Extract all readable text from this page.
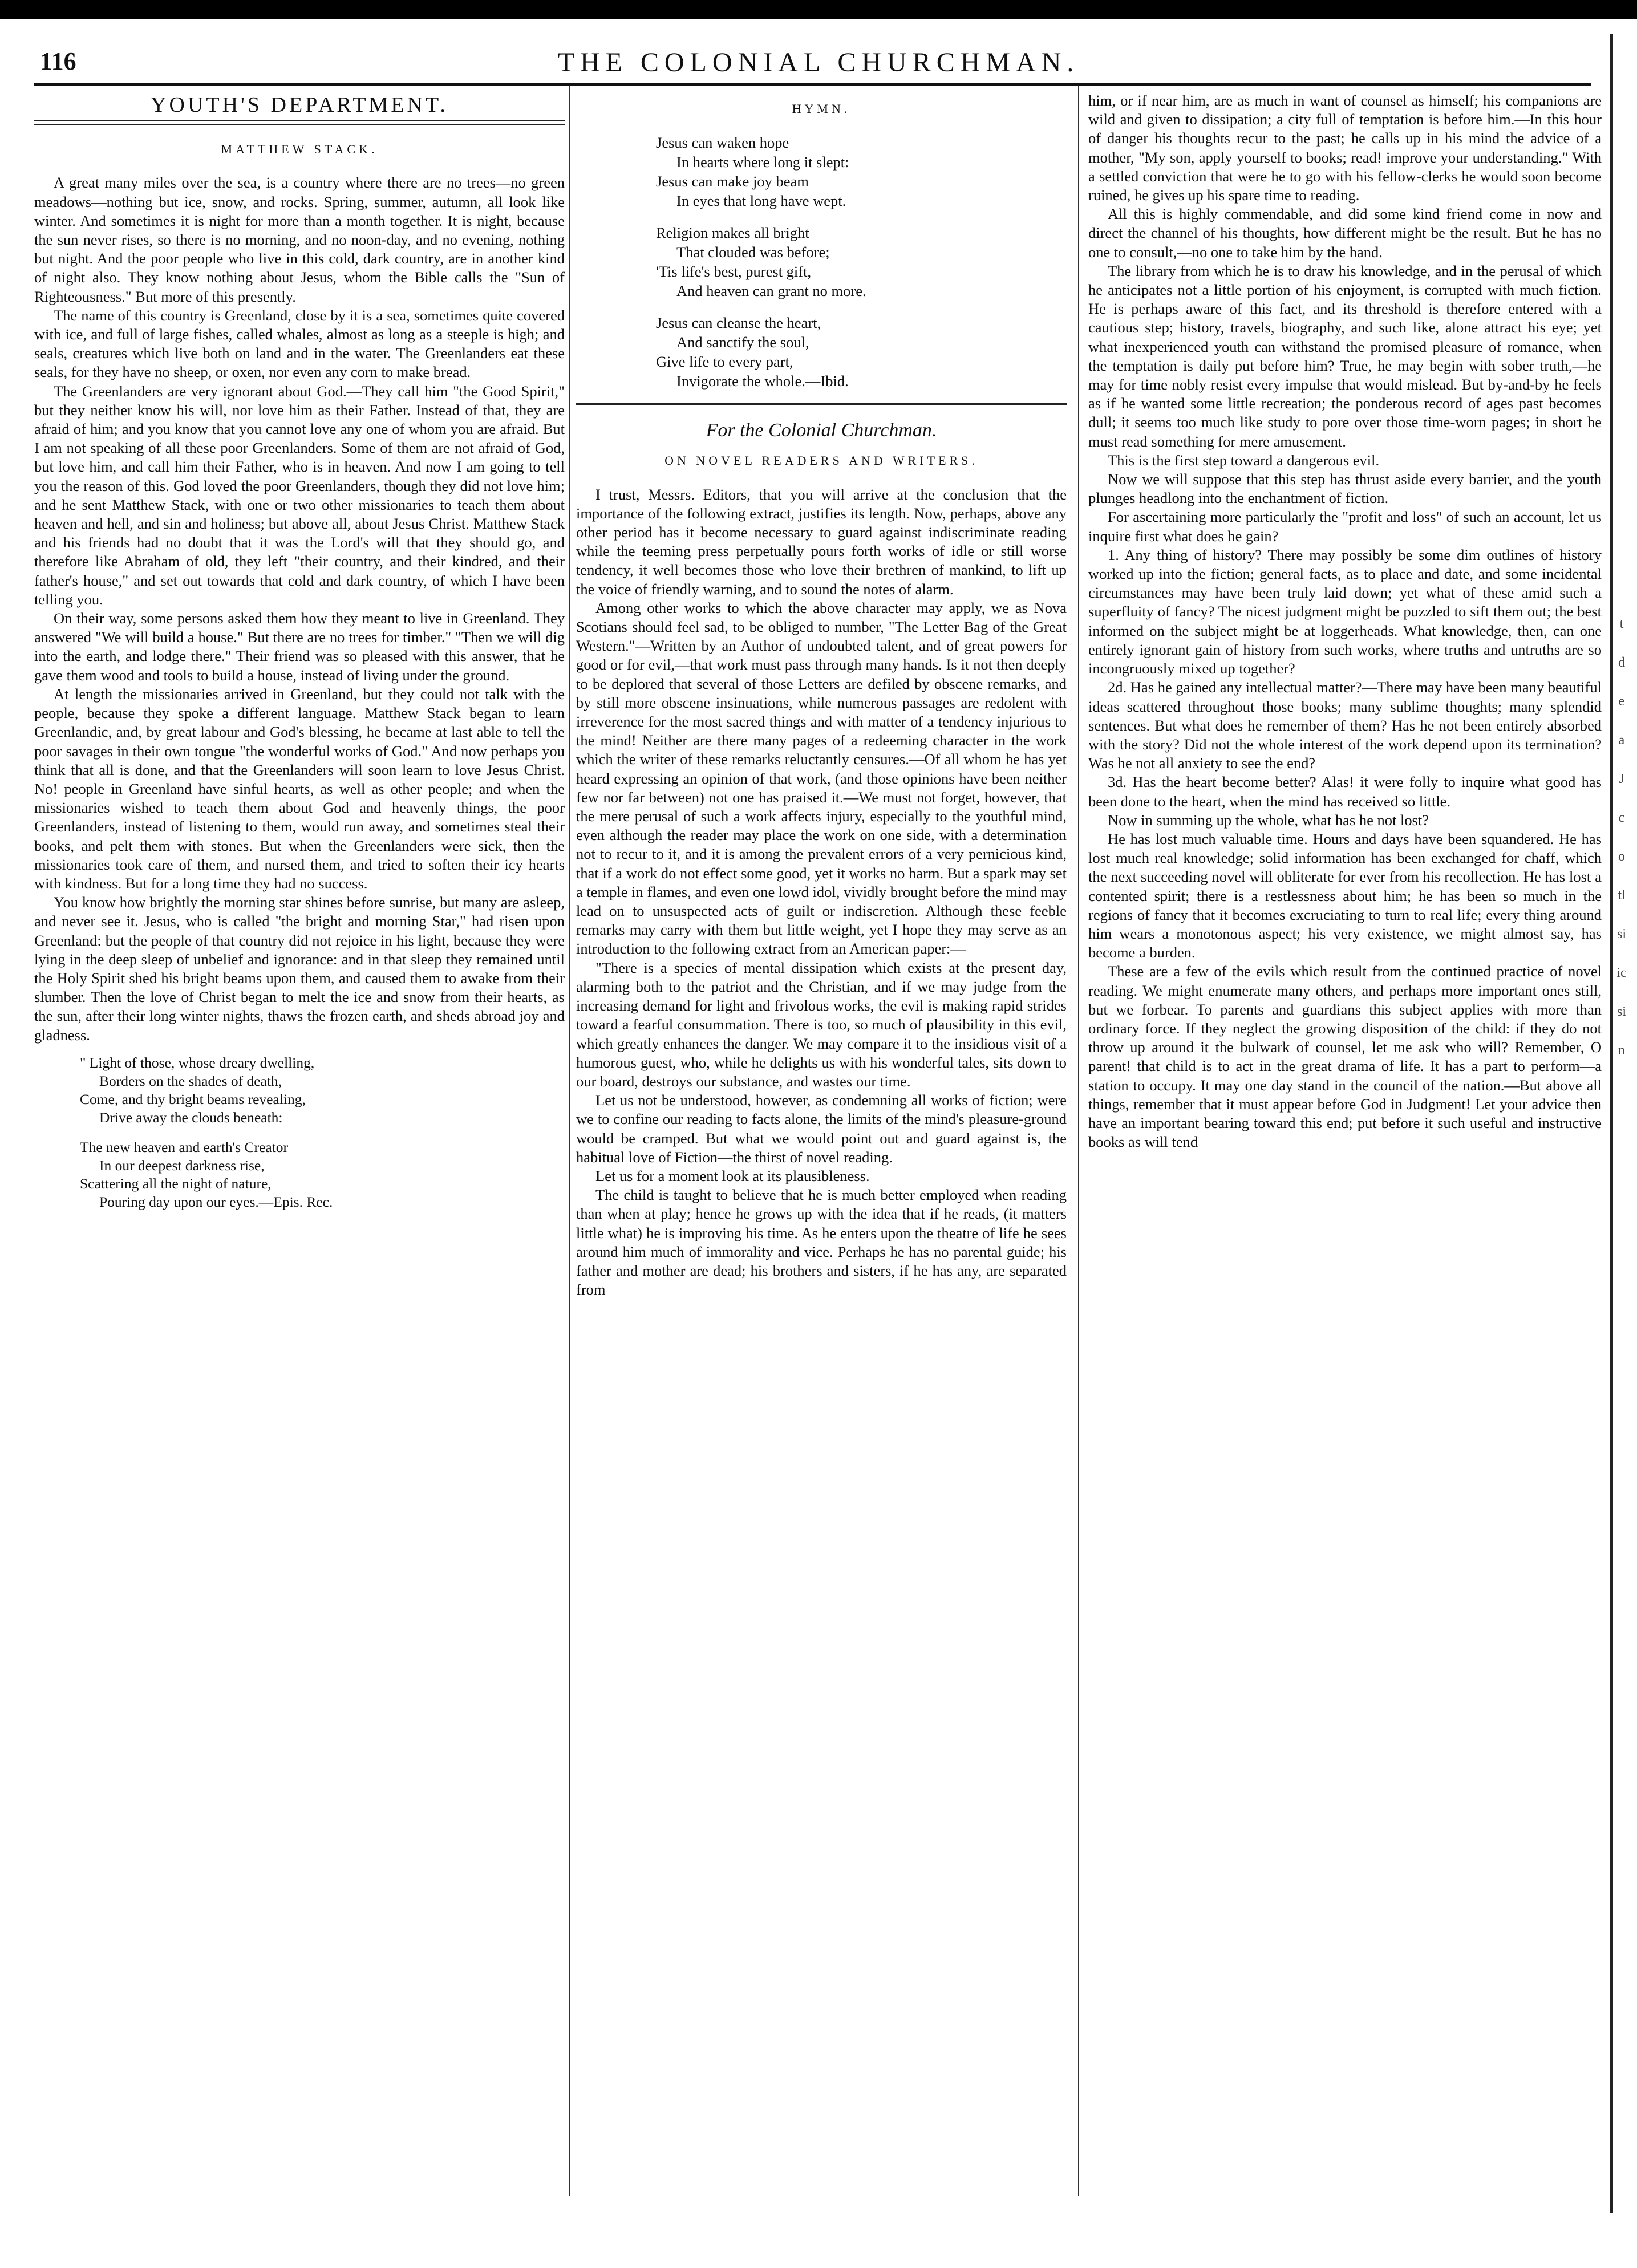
116	THE COLONIAL CHURCHMAN.
YOUTH'S DEPARTMENT.
MATTHEW STACK.

A great many miles over the sea, is a country where there are no trees—no green meadows—nothing but ice, snow, and rocks. Spring, summer, autumn, all look like winter. And sometimes it is night for more than a month together. It is night, because the sun never rises, so there is no morning, and no noon-day, and no evening, nothing but night. And the poor people who live in this cold, dark country, are in another kind of night also. They know nothing about Jesus, whom the Bible calls the "Sun of Righteousness." But more of this presently.

The name of this country is Greenland, close by it is a sea, sometimes quite covered with ice, and full of large fishes, called whales, almost as long as a steeple is high; and seals, creatures which live both on land and in the water. The Greenlanders eat these seals, for they have no sheep, or oxen, nor even any corn to make bread.

The Greenlanders are very ignorant about God.—They call him "the Good Spirit," but they neither know his will, nor love him as their Father. Instead of that, they are afraid of him; and you know that you cannot love any one of whom you are afraid. But I am not speaking of all these poor Greenlanders. Some of them are not afraid of God, but love him, and call him their Father, who is in heaven. And now I am going to tell you the reason of this. God loved the poor Greenlanders, though they did not love him; and he sent Matthew Stack, with one or two other missionaries to teach them about heaven and hell, and sin and holiness; but above all, about Jesus Christ. Matthew Stack and his friends had no doubt that it was the Lord's will that they should go, and therefore like Abraham of old, they left "their country, and their kindred, and their father's house," and set out towards that cold and dark country, of which I have been telling you.

On their way, some persons asked them how they meant to live in Greenland. They answered "We will build a house." But there are no trees for timber." "Then we will dig into the earth, and lodge there." Their friend was so pleased with this answer, that he gave them wood and tools to build a house, instead of living under the ground.

At length the missionaries arrived in Greenland, but they could not talk with the people, because they spoke a different language. Matthew Stack began to learn Greenlandic, and, by great labour and God's blessing, he became at last able to tell the poor savages in their own tongue "the wonderful works of God." And now perhaps you think that all is done, and that the Greenlanders will soon learn to love Jesus Christ. No! people in Greenland have sinful hearts, as well as other people; and when the missionaries wished to teach them about God and heavenly things, the poor Greenlanders, instead of listening to them, would run away, and sometimes steal their books, and pelt them with stones. But when the Greenlanders were sick, then the missionaries took care of them, and nursed them, and tried to soften their icy hearts with kindness. But for a long time they had no success.

You know how brightly the morning star shines before sunrise, but many are asleep, and never see it. Jesus, who is called "the bright and morning Star," had risen upon Greenland: but the people of that country did not rejoice in his light, because they were lying in the deep sleep of unbelief and ignorance: and in that sleep they remained until the Holy Spirit shed his bright beams upon them, and caused them to awake from their slumber. Then the love of Christ began to melt the ice and snow from their hearts, as the sun, after their long winter nights, thaws the frozen earth, and sheds abroad joy and gladness.

" Light of those, whose dreary dwelling,
Borders on the shades of death,
Come, and thy bright beams revealing,
Drive away the clouds beneath:
The new heaven and earth's Creator
In our deepest darkness rise,
Scattering all the night of nature,
Pouring day upon our eyes.—Epis. Rec.
HYMN.
Jesus can waken hope
In hearts where long it slept:
Jesus can make joy beam
In eyes that long have wept.
Religion makes all bright
That clouded was before;
'Tis life's best, purest gift,
And heaven can grant no more.
Jesus can cleanse the heart,
And sanctify the soul,
Give life to every part,
Invigorate the whole.—Ibid.
For the Colonial Churchman.
ON NOVEL READERS AND WRITERS.

I trust, Messrs. Editors, that you will arrive at the conclusion that the importance of the following extract, justifies its length. Now, perhaps, above any other period has it become necessary to guard against indiscriminate reading while the teeming press perpetually pours forth works of idle or still worse tendency, it well becomes those who love their brethren of mankind, to lift up the voice of friendly warning, and to sound the notes of alarm.

Among other works to which the above character may apply, we as Nova Scotians should feel sad, to be obliged to number, "The Letter Bag of the Great Western."—Written by an Author of undoubted talent, and of great powers for good or for evil,—that work must pass through many hands. Is it not then deeply to be deplored that several of those Letters are defiled by obscene remarks, and by still more obscene insinuations, while numerous passages are redolent with irreverence for the most sacred things and with matter of a tendency injurious to the mind! Neither are there many pages of a redeeming character in the work which the writer of these remarks reluctantly censures.—Of all whom he has yet heard expressing an opinion of that work, (and those opinions have been neither few nor far between) not one has praised it.—We must not forget, however, that the mere perusal of such a work affects injury, especially to the youthful mind, even although the reader may place the work on one side, with a determination not to recur to it, and it is among the prevalent errors of a very pernicious kind, that if a work do not effect some good, yet it works no harm. But a spark may set a temple in flames, and even one lowd idol, vividly brought before the mind may lead on to unsuspected acts of guilt or indiscretion. Although these feeble remarks may carry with them but little weight, yet I hope they may serve as an introduction to the following extract from an American paper:—

"There is a species of mental dissipation which exists at the present day, alarming both to the patriot and the Christian, and if we may judge from the increasing demand for light and frivolous works, the evil is making rapid strides toward a fearful consummation. There is too, so much of plausibility in this evil, which greatly enhances the danger. We may compare it to the insidious visit of a humorous guest, who, while he delights us with his wonderful tales, sits down to our board, destroys our substance, and wastes our time.

Let us not be understood, however, as condemning all works of fiction; were we to confine our reading to facts alone, the limits of the mind's pleasure-ground would be cramped. But what we would point out and guard against is, the habitual love of Fiction—the thirst of novel reading.

Let us for a moment look at its plausibleness.

The child is taught to believe that he is much better employed when reading than when at play; hence he grows up with the idea that if he reads, (it matters little what) he is improving his time. As he enters upon the theatre of life he sees around him much of immorality and vice. Perhaps he has no parental guide; his father and mother are dead; his brothers and sisters, if he has any, are separated from

him, or if near him, are as much in want of counsel as himself; his companions are wild and given to dissipation; a city full of temptation is before him.—In this hour of danger his thoughts recur to the past; he calls up in his mind the advice of a mother, "My son, apply yourself to books; read! improve your understanding." With a settled conviction that were he to go with his fellow-clerks he would soon become ruined, he gives up his spare time to reading.

All this is highly commendable, and did some kind friend come in now and direct the channel of his thoughts, how different might be the result. But he has no one to consult,—no one to take him by the hand.

The library from which he is to draw his knowledge, and in the perusal of which he anticipates not a little portion of his enjoyment, is corrupted with much fiction. He is perhaps aware of this fact, and its threshold is therefore entered with a cautious step; history, travels, biography, and such like, alone attract his eye; yet what inexperienced youth can withstand the promised pleasure of romance, when the temptation is daily put before him? True, he may begin with sober truth,—he may for time nobly resist every impulse that would mislead. But by-and-by he feels as if he wanted some little recreation; the ponderous record of ages past becomes dull; it seems too much like study to pore over those time-worn pages; in short he must read something for mere amusement.

This is the first step toward a dangerous evil.

Now we will suppose that this step has thrust aside every barrier, and the youth plunges headlong into the enchantment of fiction.

For ascertaining more particularly the "profit and loss" of such an account, let us inquire first what does he gain?

1. Any thing of history? There may possibly be some dim outlines of history worked up into the fiction; general facts, as to place and date, and some incidental circumstances may have been truly laid down; yet what of these amid such a superfluity of fancy? The nicest judgment might be puzzled to sift them out; the best informed on the subject might be at loggerheads. What knowledge, then, can one entirely ignorant gain of history from such works, where truths and untruths are so incongruously mixed up together?

2d. Has he gained any intellectual matter?—There may have been many beautiful ideas scattered throughout those books; many sublime thoughts; many splendid sentences. But what does he remember of them? Has he not been entirely absorbed with the story? Did not the whole interest of the work depend upon its termination? Was he not all anxiety to see the end?

3d. Has the heart become better? Alas! it were folly to inquire what good has been done to the heart, when the mind has received so little.

Now in summing up the whole, what has he not lost?

He has lost much valuable time. Hours and days have been squandered. He has lost much real knowledge; solid information has been exchanged for chaff, which the next succeeding novel will obliterate for ever from his recollection. He has lost a contented spirit; there is a restlessness about him; he has been so much in the regions of fancy that it becomes excruciating to turn to real life; every thing around him wears a monotonous aspect; his very existence, we might almost say, has become a burden.

These are a few of the evils which result from the continued practice of novel reading. We might enumerate many others, and perhaps more important ones still, but we forbear. To parents and guardians this subject applies with more than ordinary force. If they neglect the growing disposition of the child: if they do not throw up around it the bulwark of counsel, let me ask who will? Remember, O parent! that child is to act in the great drama of life. It has a part to perform—a station to occupy. It may one day stand in the council of the nation.—But above all things, remember that it must appear before God in Judgment! Let your advice then have an important bearing toward this end; put before it such useful and instructive books as will tend

t
d
e
a
J
c
o
tl
si
ic
si
n
